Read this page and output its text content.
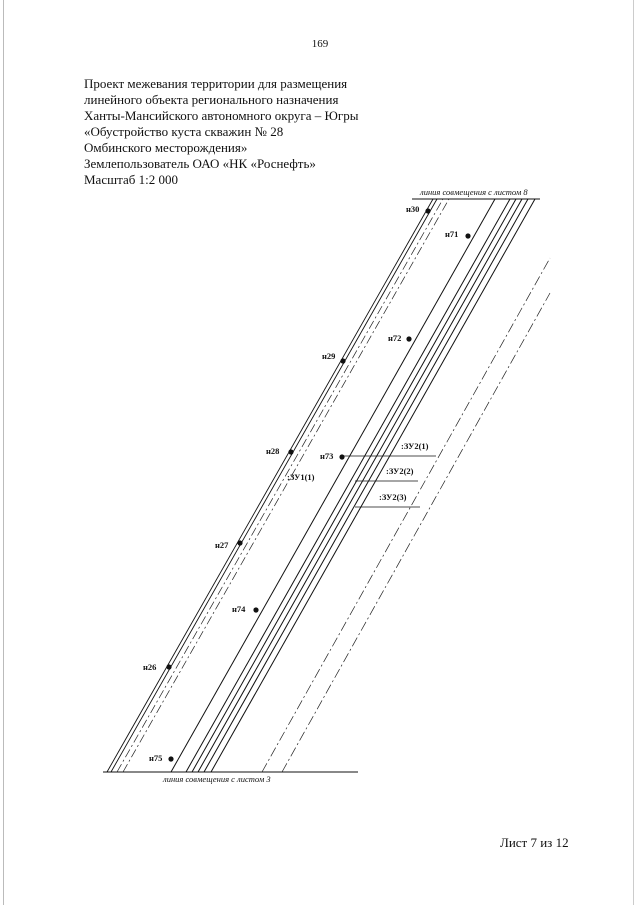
169
Проект межевания территории для размещения
линейного объекта регионального назначения
Ханты-Мансийского автономного округа – Югры
«Обустройство куста скважин № 28
Омбинского месторождения»
Землепользователь ОАО «НК «Роснефть»
Масштаб 1:2 000
н30
н29
н28
н27
н26
н71
н72
н73
н74
н75
:ЗУ1(1)
:ЗУ2(1)
:ЗУ2(2)
:ЗУ2(3)
линия совмещения с листом 8
линия совмещения с листом 3
Лист 7 из 12
